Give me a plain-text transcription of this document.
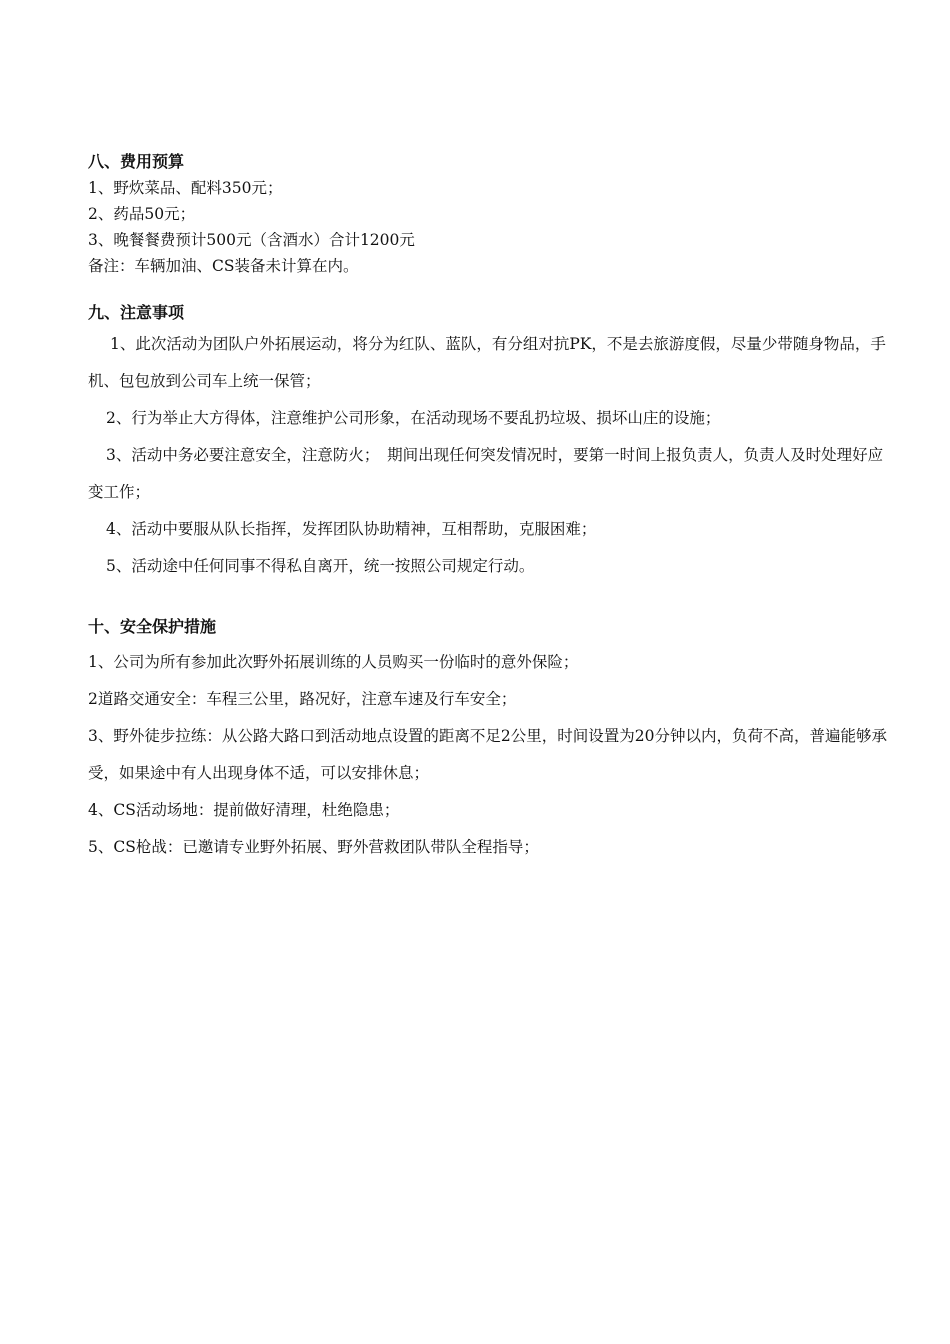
八、费用预算

1、野炊菜品、配料350元；

2、药品50元；

3、晚餐餐费预计500元（含酒水）合计1200元

备注：车辆加油、CS装备未计算在内。

九、注意事项

1、此次活动为团队户外拓展运动，将分为红队、蓝队，有分组对抗PK，不是去旅游度假，尽量少带随身物品，手机、包包放到公司车上统一保管；

2、行为举止大方得体，注意维护公司形象，在活动现场不要乱扔垃圾、损坏山庄的设施；

3、活动中务必要注意安全，注意防火；　期间出现任何突发情况时，要第一时间上报负责人，负责人及时处理好应变工作；

4、活动中要服从队长指挥，发挥团队协助精神，互相帮助，克服困难；

5、活动途中任何同事不得私自离开，统一按照公司规定行动。

十、安全保护措施

1、公司为所有参加此次野外拓展训练的人员购买一份临时的意外保险；

2道路交通安全：车程三公里，路况好，注意车速及行车安全；

3、野外徒步拉练：从公路大路口到活动地点设置的距离不足2公里，时间设置为20分钟以内，负荷不高，普遍能够承受，如果途中有人出现身体不适，可以安排休息；

4、CS活动场地：提前做好清理，杜绝隐患；

5、CS枪战：已邀请专业野外拓展、野外营救团队带队全程指导；
